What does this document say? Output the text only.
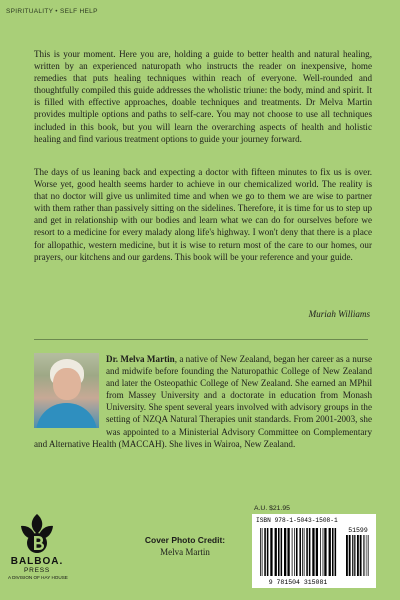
SPIRITUALITY • SELF HELP

This is your moment. Here you are, holding a guide to better health and natural healing, written by an experienced naturopath who instructs the reader on inexpensive, home remedies that puts healing techniques within reach of everyone. Well-rounded and thoughtfully compiled this guide addresses the wholistic triune: the body, mind and spirit. It is filled with effective approaches, doable techniques and treatments. Dr Melva Martin provides multiple options and paths to self-care. You may not choose to use all techniques included in this book, but you will learn the overarching aspects of health and holistic healing and find various treatment options to guide your journey forward.

The days of us leaning back and expecting a doctor with fifteen minutes to fix us is over. Worse yet, good health seems harder to achieve in our chemicalized world. The reality is that no doctor will give us unlimited time and when we go to them we are wise to partner with them rather than passively sitting on the sidelines. Therefore, it is time for us to step up and get in relationship with our bodies and learn what we can do for ourselves before we resort to a medicine for every malady along life's highway. I won't deny that there is a place for allopathic, western medicine, but it is wise to return most of the care to our homes, our prayers, our kitchens and our gardens. This book will be your reference and your guide.

Muriah Williams

Dr. Melva Martin, a native of New Zealand, began her career as a nurse and midwife before founding the Naturopathic College of New Zealand and later the Osteopathic College of New Zealand. She earned an MPhil from Massey University and a doctorate in education from Monash University. She spent several years involved with advisory groups in the setting of NZQA Natural Therapies unit standards. From 2001-2003, she was appointed to a Ministerial Advisory Committee on Complementary and Alternative Health (MACCAH). She lives in Wairoa, New Zealand.

BALBOA.
PRESS
A DIVISION OF HAY HOUSE
Cover Photo Credit:
Melva Martin
A.U. $21.95
ISBN 978-1-5043-1508-1
51599
9 781504 315081
